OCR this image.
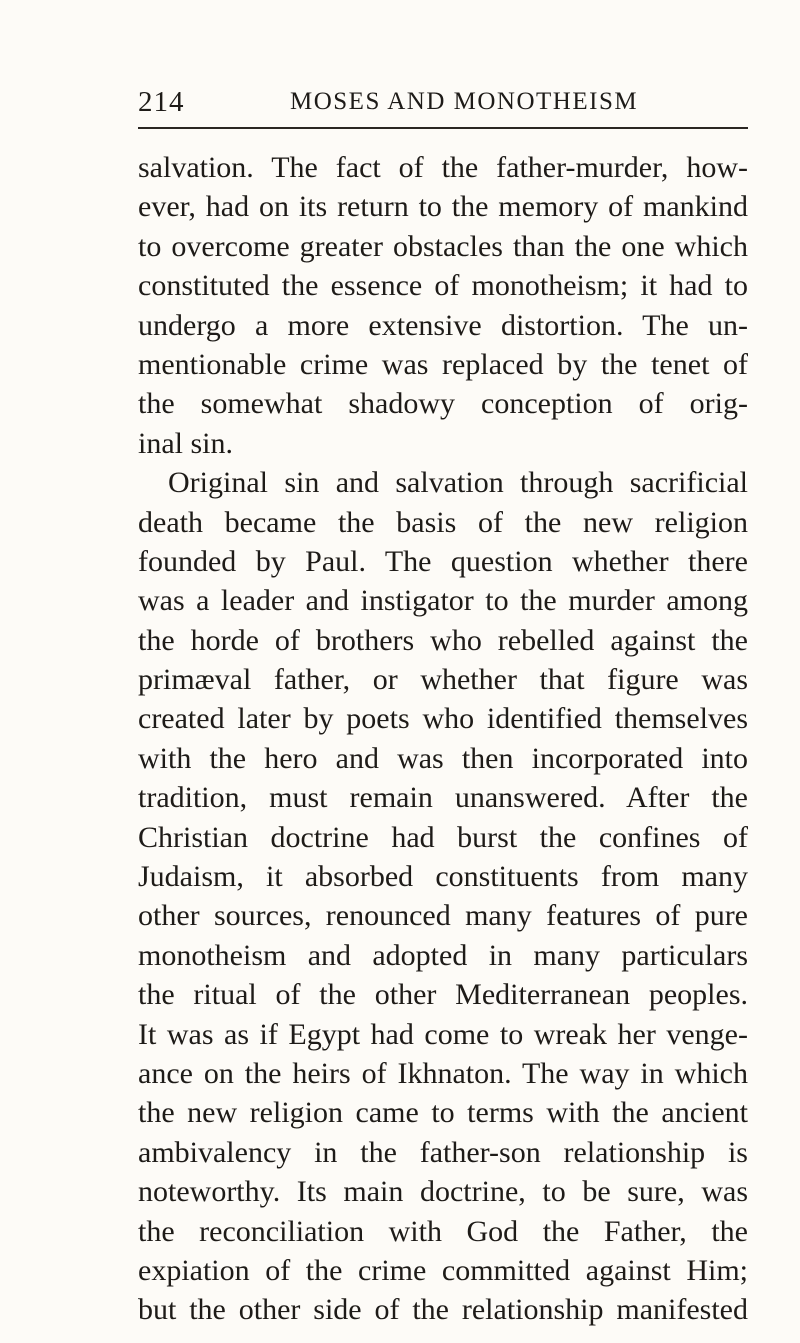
214	MOSES AND MONOTHEISM
salvation. The fact of the father-murder, how-
ever, had on its return to the memory of mankind
to overcome greater obstacles than the one which
constituted the essence of monotheism; it had to
undergo a more extensive distortion. The un-
mentionable crime was replaced by the tenet of
the somewhat shadowy conception of orig-
inal sin.
Original sin and salvation through sacrificial
death became the basis of the new religion
founded by Paul. The question whether there
was a leader and instigator to the murder among
the horde of brothers who rebelled against the
primæval father, or whether that figure was
created later by poets who identified themselves
with the hero and was then incorporated into
tradition, must remain unanswered. After the
Christian doctrine had burst the confines of
Judaism, it absorbed constituents from many
other sources, renounced many features of pure
monotheism and adopted in many particulars
the ritual of the other Mediterranean peoples.
It was as if Egypt had come to wreak her venge-
ance on the heirs of Ikhnaton. The way in which
the new religion came to terms with the ancient
ambivalency in the father-son relationship is
noteworthy. Its main doctrine, to be sure, was
the reconciliation with God the Father, the
expiation of the crime committed against Him;
but the other side of the relationship manifested
